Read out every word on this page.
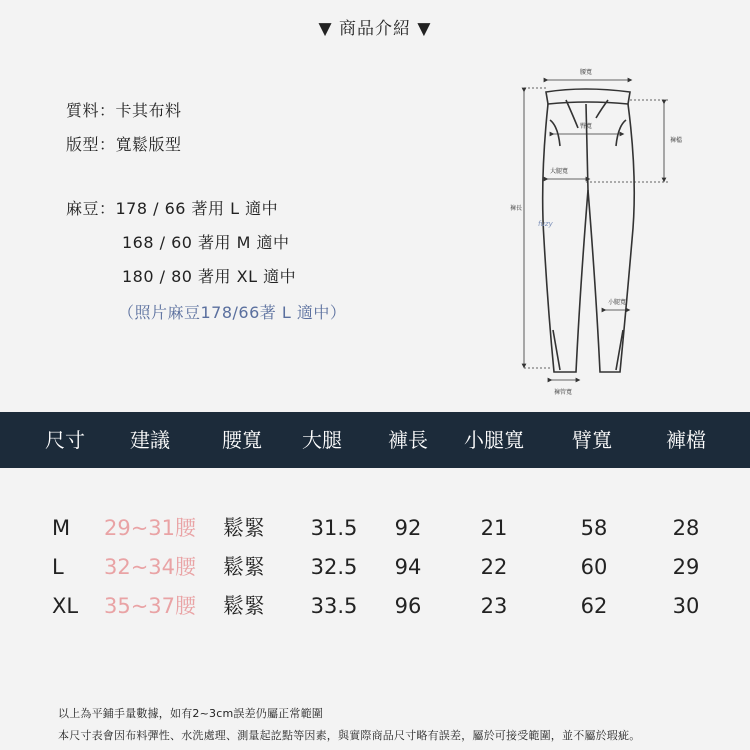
▼ 商品介紹 ▼
質料：卡其布料
版型：寬鬆版型
麻豆：178 / 66 著用 L 適中
168 / 60 著用 M 適中
180 / 80 著用 XL 適中
（照片麻豆178/66著 L 適中）
腰寬
臀寬
大腿寬
小腿寬
褲管寬
褲長
褲檔
fuzy
尺寸	建議	腰寬	大腿	褲長	小腿寬	臂寬	褲檔
M	29~31腰	鬆緊	31.5	92	21	58	28
L	32~34腰	鬆緊	32.5	94	22	60	29
XL	35~37腰	鬆緊	33.5	96	23	62	30
以上為平鋪手量數據，如有2~3cm誤差仍屬正常範圍
本尺寸表會因布料彈性、水洗處理、測量起訖點等因素，與實際商品尺寸略有誤差，屬於可接受範圍，並不屬於瑕疵。
